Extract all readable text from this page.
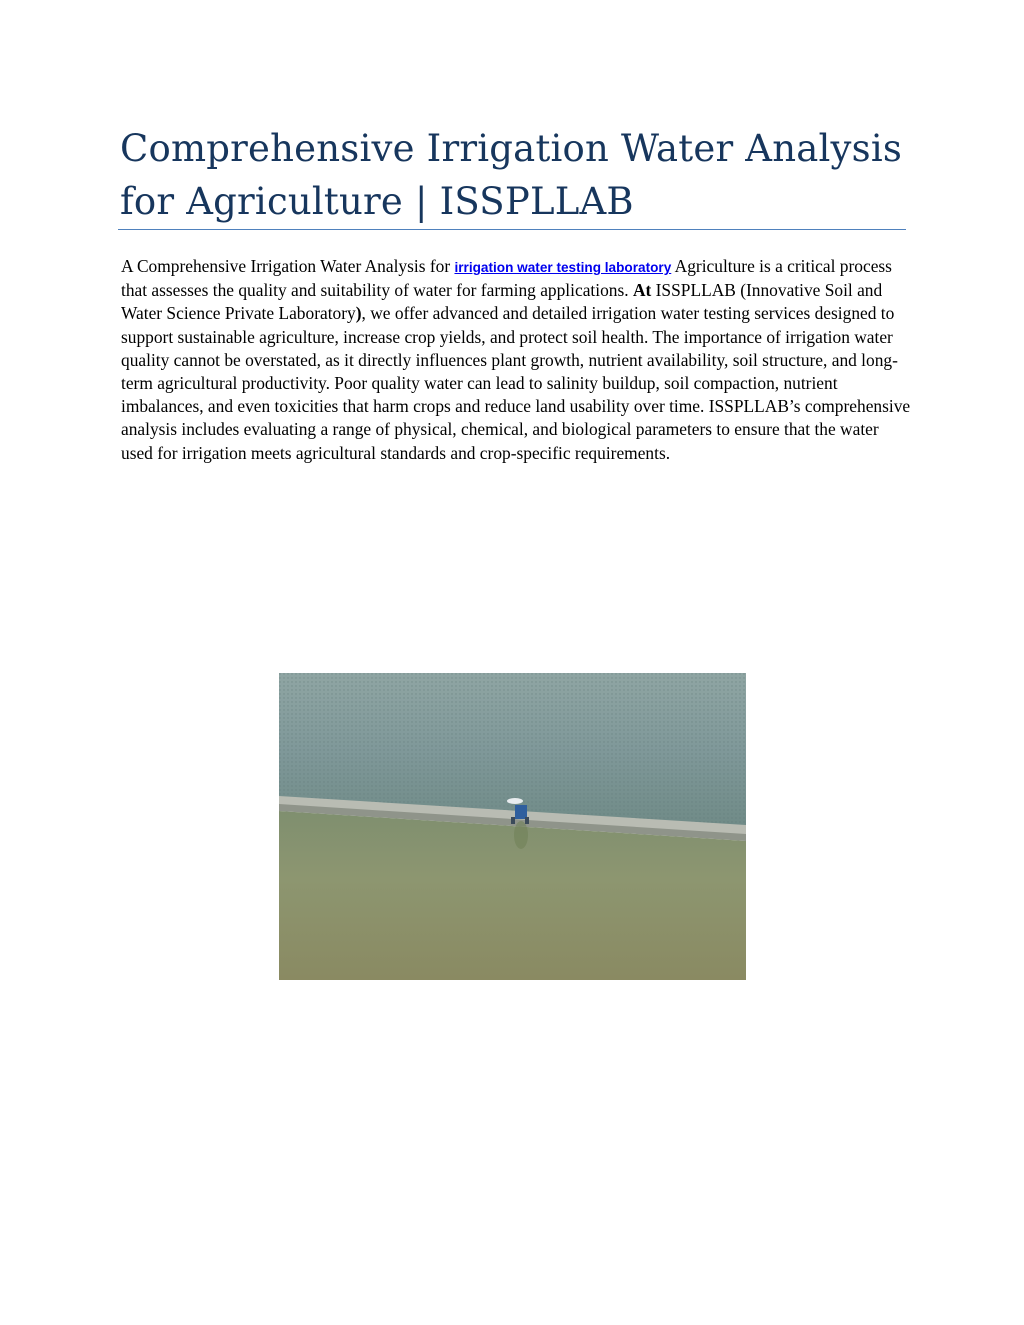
Comprehensive Irrigation Water Analysis for Agriculture | ISSPLLAB

A Comprehensive Irrigation Water Analysis for irrigation water testing laboratory Agriculture is a critical process that assesses the quality and suitability of water for farming applications. At ISSPLLAB (Innovative Soil and Water Science Private Laboratory), we offer advanced and detailed irrigation water testing services designed to support sustainable agriculture, increase crop yields, and protect soil health. The importance of irrigation water quality cannot be overstated, as it directly influences plant growth, nutrient availability, soil structure, and long-term agricultural productivity. Poor quality water can lead to salinity buildup, soil compaction, nutrient imbalances, and even toxicities that harm crops and reduce land usability over time. ISSPLLAB’s comprehensive analysis includes evaluating a range of physical, chemical, and biological parameters to ensure that the water used for irrigation meets agricultural standards and crop-specific requirements.
